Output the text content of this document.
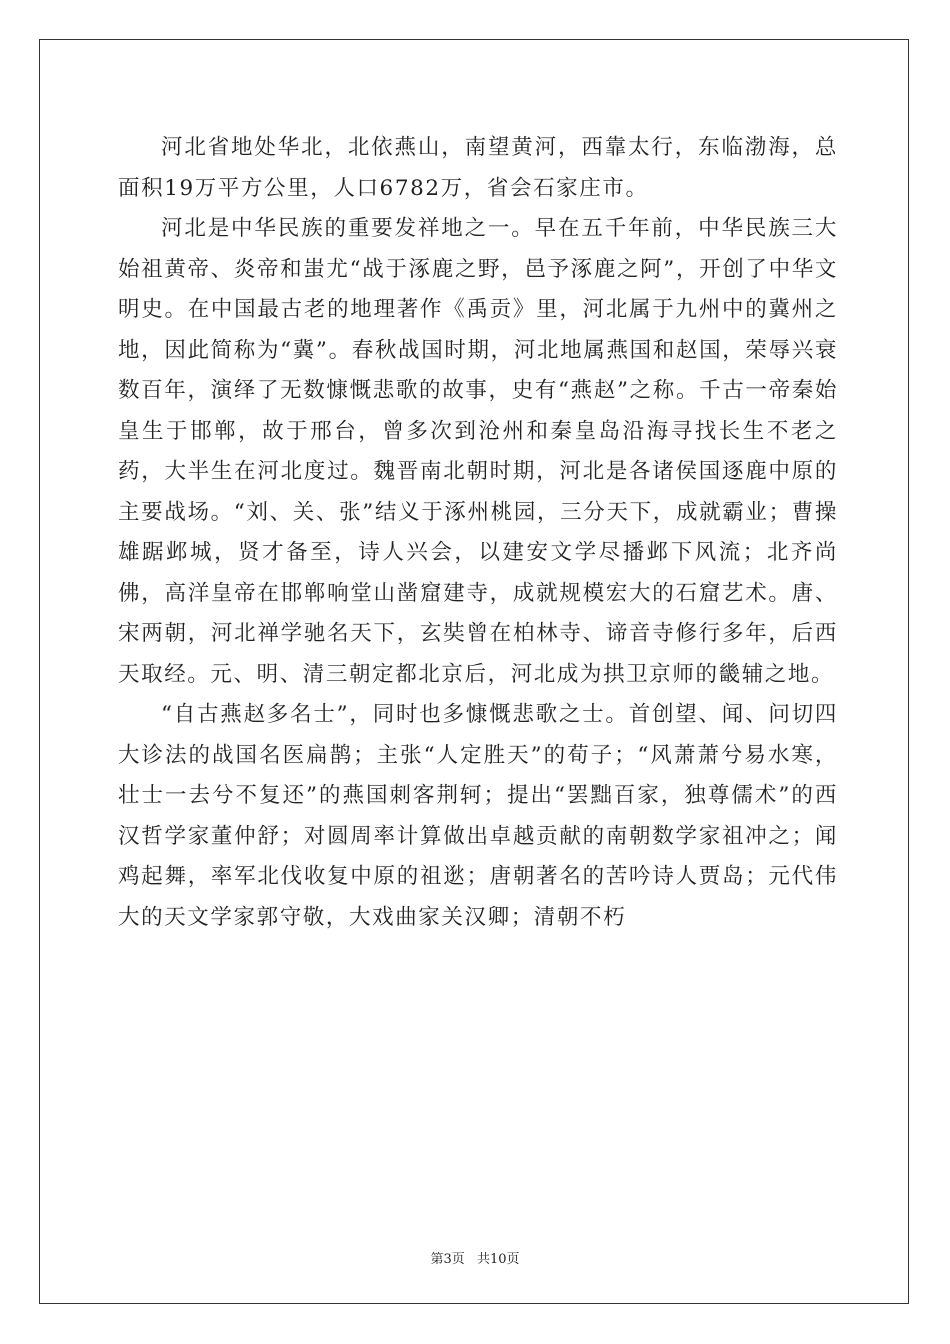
河北省地处华北，北依燕山，南望黄河，西靠太行，东临渤海，总面积19万平方公里，人口6782万，省会石家庄市。

河北是中华民族的重要发祥地之一。早在五千年前，中华民族三大始祖黄帝、炎帝和蚩尤“战于涿鹿之野，邑予涿鹿之阿”，开创了中华文明史。在中国最古老的地理著作《禹贡》里，河北属于九州中的冀州之地，因此简称为“冀”。春秋战国时期，河北地属燕国和赵国，荣辱兴衰数百年，演绎了无数慷慨悲歌的故事，史有“燕赵”之称。千古一帝秦始皇生于邯郸，故于邢台，曾多次到沧州和秦皇岛沿海寻找长生不老之药，大半生在河北度过。魏晋南北朝时期，河北是各诸侯国逐鹿中原的主要战场。“刘、关、张”结义于涿州桃园，三分天下，成就霸业；曹操雄踞邺城，贤才备至，诗人兴会，以建安文学尽播邺下风流；北齐尚佛，高洋皇帝在邯郸响堂山凿窟建寺，成就规模宏大的石窟艺术。唐、宋两朝，河北禅学驰名天下，玄奘曾在柏林寺、谛音寺修行多年，后西天取经。元、明、清三朝定都北京后，河北成为拱卫京师的畿辅之地。

“自古燕赵多名士”，同时也多慷慨悲歌之士。首创望、闻、问切四大诊法的战国名医扁鹊；主张“人定胜天”的荀子；“风萧萧兮易水寒，壮士一去兮不复还”的燕国刺客荆轲；提出“罢黜百家，独尊儒术”的西汉哲学家董仲舒；对圆周率计算做出卓越贡献的南朝数学家祖冲之；闻鸡起舞，率军北伐收复中原的祖逖；唐朝著名的苦吟诗人贾岛；元代伟大的天文学家郭守敬，大戏曲家关汉卿；清朝不朽

第3页 共10页
